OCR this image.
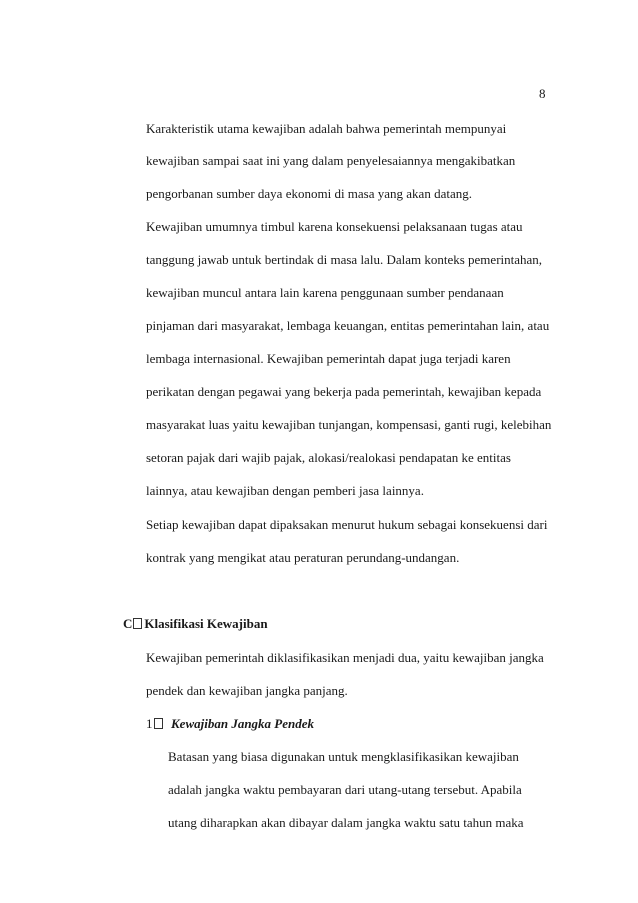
8
Karakteristik utama kewajiban adalah bahwa pemerintah mempunyai
kewajiban sampai saat ini yang dalam penyelesaiannya mengakibatkan
pengorbanan sumber daya ekonomi di masa yang akan datang.
Kewajiban umumnya timbul karena konsekuensi pelaksanaan tugas atau
tanggung jawab untuk bertindak di masa lalu. Dalam konteks pemerintahan,
kewajiban muncul antara lain karena penggunaan sumber pendanaan
pinjaman dari masyarakat, lembaga keuangan, entitas pemerintahan lain, atau
lembaga internasional. Kewajiban pemerintah dapat juga terjadi karen
perikatan dengan pegawai yang bekerja pada pemerintah, kewajiban kepada
masyarakat luas yaitu kewajiban tunjangan, kompensasi, ganti rugi, kelebihan
setoran pajak dari wajib pajak, alokasi/realokasi pendapatan ke entitas
lainnya, atau kewajiban dengan pemberi jasa lainnya.
Setiap kewajiban dapat dipaksakan menurut hukum sebagai konsekuensi dari
kontrak yang mengikat atau peraturan perundang-undangan.
C Klasifikasi Kewajiban
Kewajiban pemerintah diklasifikasikan menjadi dua, yaitu kewajiban jangka
pendek dan kewajiban jangka panjang.
1 Kewajiban Jangka Pendek
Batasan yang biasa digunakan untuk mengklasifikasikan kewajiban
adalah jangka waktu pembayaran dari utang-utang tersebut. Apabila
utang diharapkan akan dibayar dalam jangka waktu satu tahun maka
